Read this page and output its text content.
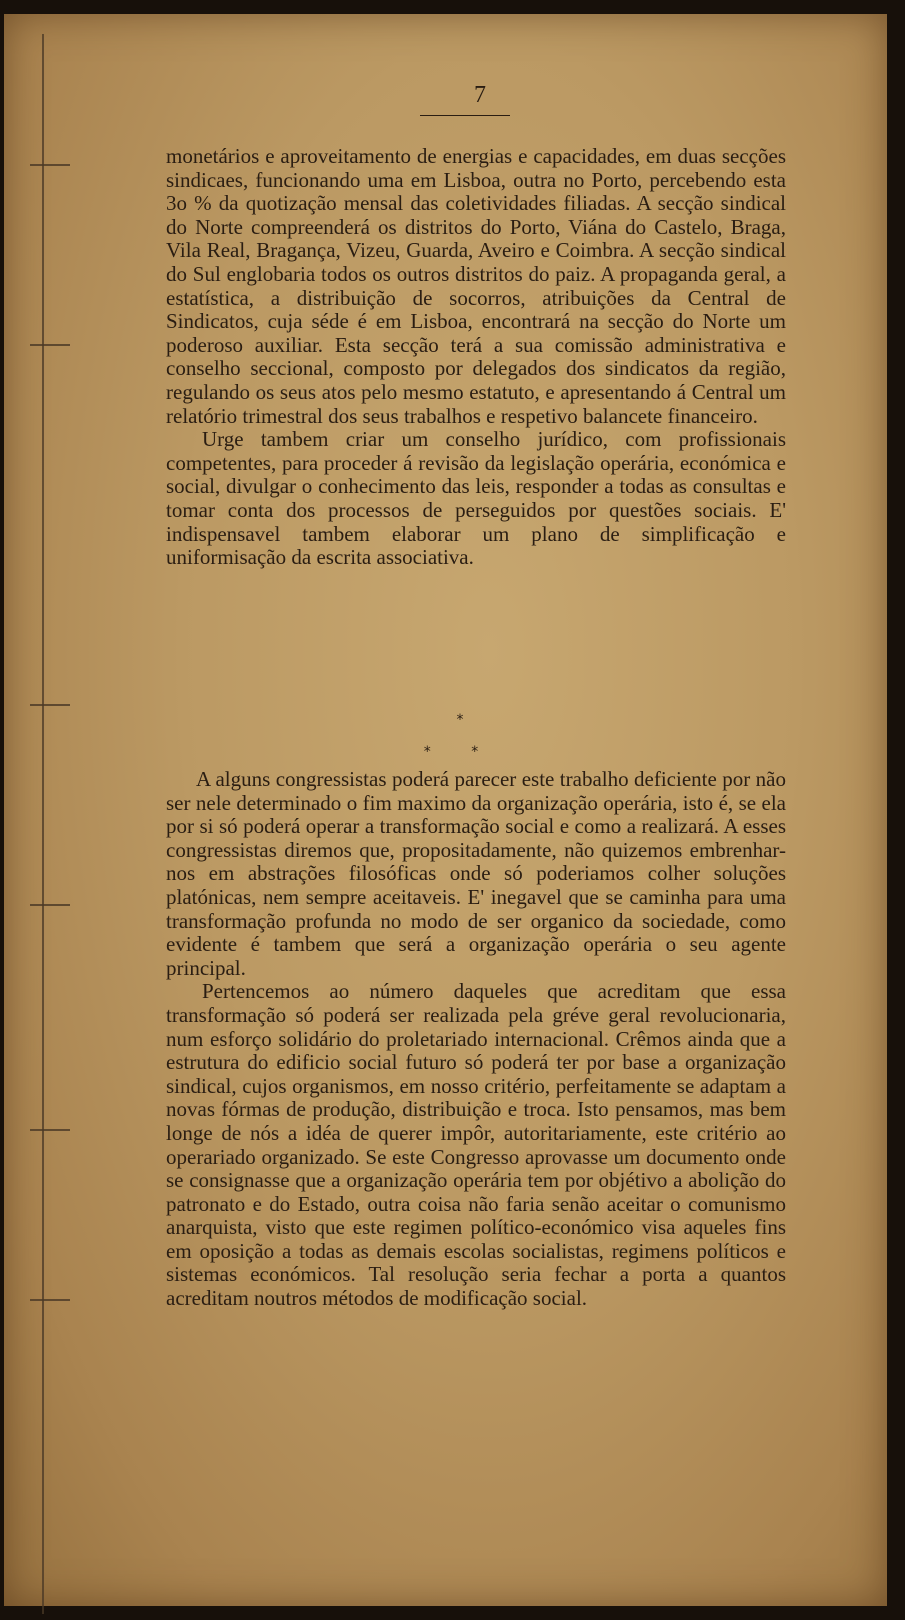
7

monetários e aproveitamento de energias e capacidades, em duas secções sindicaes, funcionando uma em Lisboa, outra no Porto, percebendo esta 3o % da quotização mensal das coletividades filiadas. A secção sindical do Norte compreenderá os distritos do Porto, Viána do Castelo, Braga, Vila Real, Bragança, Vizeu, Guarda, Aveiro e Coimbra. A secção sindical do Sul englobaria todos os outros distritos do paiz. A propaganda geral, a estatística, a distribuição de socorros, atribuições da Central de Sindicatos, cuja séde é em Lisboa, encontrará na secção do Norte um poderoso auxiliar. Esta secção terá a sua comissão administrativa e conselho seccional, composto por delegados dos sindicatos da região, regulando os seus atos pelo mesmo estatuto, e apresentando á Central um relatório trimestral dos seus trabalhos e respetivo balancete financeiro.

Urge tambem criar um conselho jurídico, com profissionais competentes, para proceder á revisão da legislação operária, económica e social, divulgar o conhecimento das leis, responder a todas as consultas e tomar conta dos processos de perseguidos por questões sociais. E' indispensavel tambem elaborar um plano de simplificação e uniformisação da escrita associativa.

*
* *

A alguns congressistas poderá parecer este trabalho deficiente por não ser nele determinado o fim maximo da organização operária, isto é, se ela por si só poderá operar a transformação social e como a realizará. A esses congressistas diremos que, propositadamente, não quizemos embrenhar-nos em abstrações filosóficas onde só poderiamos colher soluções platónicas, nem sempre aceitaveis. E' inegavel que se caminha para uma transformação profunda no modo de ser organico da sociedade, como evidente é tambem que será a organização operária o seu agente principal.

Pertencemos ao número daqueles que acreditam que essa transformação só poderá ser realizada pela gréve geral revolucionaria, num esforço solidário do proletariado internacional. Crêmos ainda que a estrutura do edificio social futuro só poderá ter por base a organização sindical, cujos organismos, em nosso critério, perfeitamente se adaptam a novas fórmas de produção, distribuição e troca. Isto pensamos, mas bem longe de nós a idéa de querer impôr, autoritariamente, este critério ao operariado organizado. Se este Congresso aprovasse um documento onde se consignasse que a organização operária tem por objétivo a abolição do patronato e do Estado, outra coisa não faria senão aceitar o comunismo anarquista, visto que este regimen político-económico visa aqueles fins em oposição a todas as demais escolas socialistas, regimens políticos e sistemas económicos. Tal resolução seria fechar a porta a quantos acreditam noutros métodos de modificação social.
